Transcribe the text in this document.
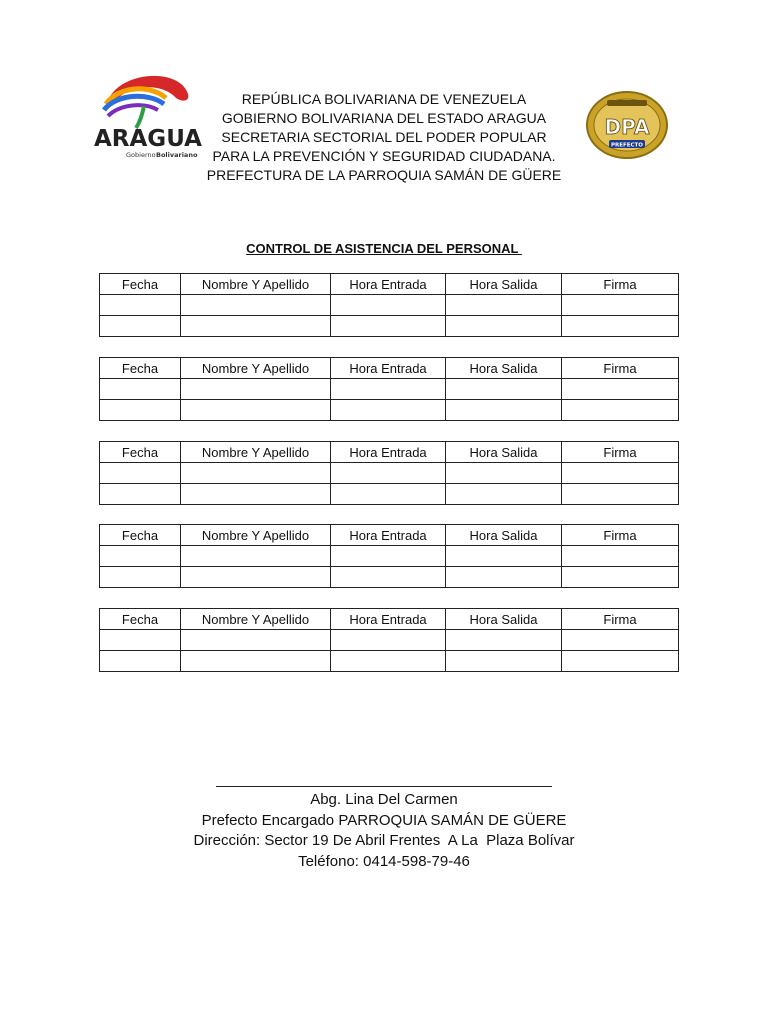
ARAGUA
Gobierno Bolivariano
REPÚBLICA BOLIVARIANA DE VENEZUELA
GOBIERNO BOLIVARIANA DEL ESTADO ARAGUA
SECRETARIA SECTORIAL DEL PODER POPULAR
PARA LA PREVENCIÓN Y SEGURIDAD CIUDADANA.
PREFECTURA DE LA PARROQUIA SAMÁN DE GÜERE
DPA
PREFECTO
CONTROL DE ASISTENCIA DEL PERSONAL
Fecha	Nombre Y Apellido	Hora Entrada	Hora Salida	Firma

Fecha	Nombre Y Apellido	Hora Entrada	Hora Salida	Firma

Fecha	Nombre Y Apellido	Hora Entrada	Hora Salida	Firma

Fecha	Nombre Y Apellido	Hora Entrada	Hora Salida	Firma

Fecha	Nombre Y Apellido	Hora Entrada	Hora Salida	Firma

Abg. Lina Del Carmen
Prefecto Encargado PARROQUIA SAMÁN DE GÜERE
Dirección: Sector 19 De Abril Frentes  A La  Plaza Bolívar
Teléfono: 0414-598-79-46
